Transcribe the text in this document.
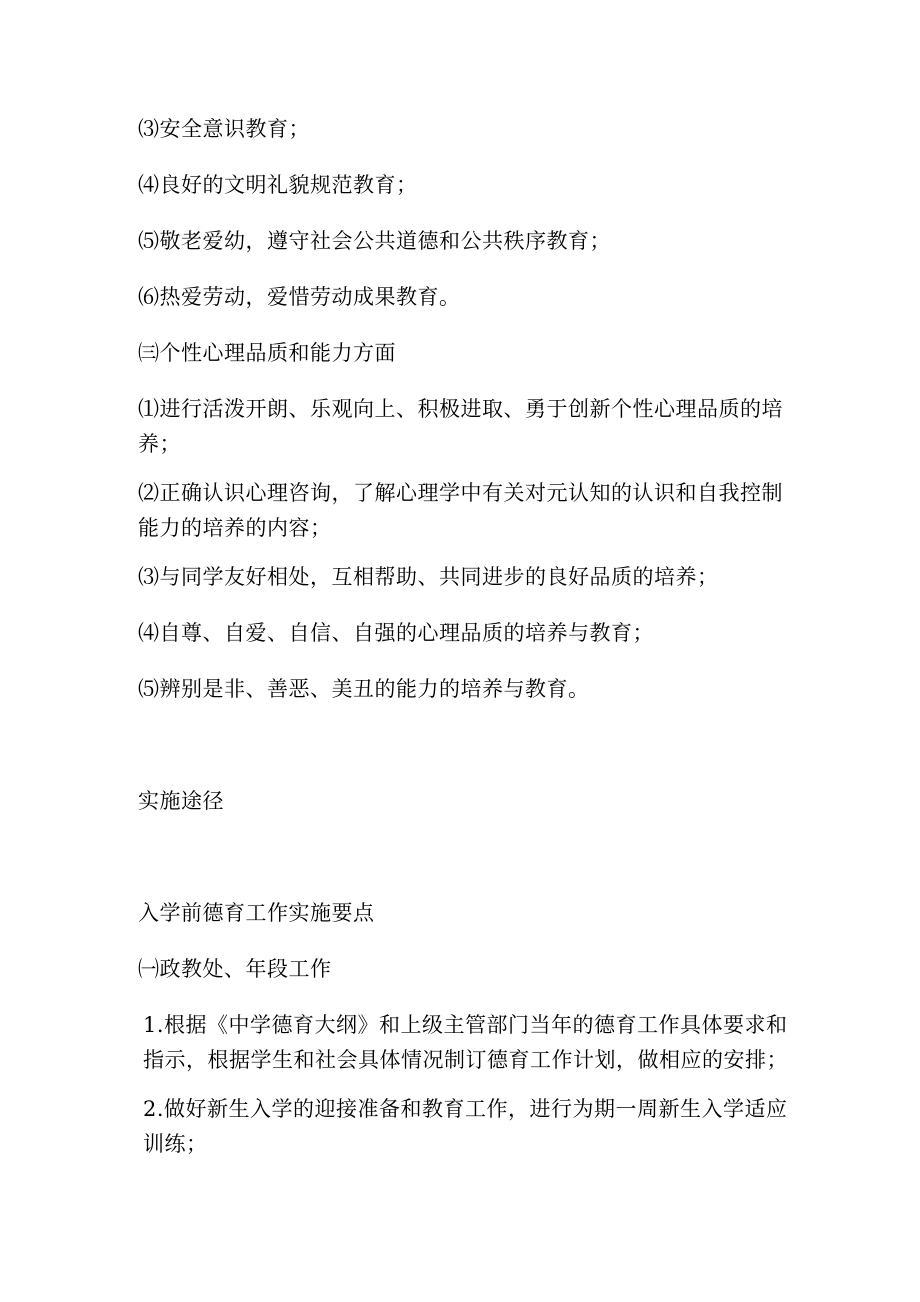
⑶安全意识教育；

⑷良好的文明礼貌规范教育；

⑸敬老爱幼，遵守社会公共道德和公共秩序教育；

⑹热爱劳动，爱惜劳动成果教育。

㈢个性心理品质和能力方面

⑴进行活泼开朗、乐观向上、积极进取、勇于创新个性心理品质的培养；

⑵正确认识心理咨询，了解心理学中有关对元认知的认识和自我控制能力的培养的内容；

⑶与同学友好相处，互相帮助、共同进步的良好品质的培养；

⑷自尊、自爱、自信、自强的心理品质的培养与教育；

⑸辨别是非、善恶、美丑的能力的培养与教育。

实施途径

入学前德育工作实施要点

㈠政教处、年段工作

1.根据《中学德育大纲》和上级主管部门当年的德育工作具体要求和指示，根据学生和社会具体情况制订德育工作计划，做相应的安排；

2.做好新生入学的迎接准备和教育工作，进行为期一周新生入学适应训练；
